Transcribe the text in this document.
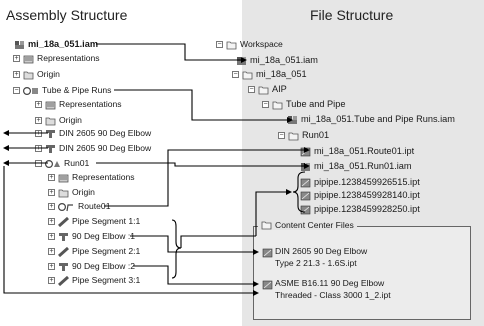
Assembly Structure	File Structure
mi_18a_051.iam
+ Representations
+ Origin
−	Tube & Pipe Runs
+ Representations
+ Origin
+ DIN 2605 90 Deg Elbow
+ DIN 2605 90 Deg Elbow
−	Run01
+ Representations
+ Origin
+	Route01
+ Pipe Segment 1:1
+ 90 Deg Elbow :1
+ Pipe Segment 2:1
+ 90 Deg Elbow :2
+ Pipe Segment 3:1
− Workspace
mi_18a_051.iam
− mi_18a_051
− AIP
− Tube and Pipe
mi_18a_051.Tube and Pipe Runs.iam
− Run01
mi_18a_051.Route01.ipt
mi_18a_051.Run01.iam
pipipe.1238459926515.ipt
pipipe.1238459928140.ipt
pipipe.1238459928250.ipt
Content Center Files
DIN 2605 90 Deg Elbow
Type 2 21.3 - 1.6S.ipt
ASME B16.11 90 Deg Elbow
Threaded - Class 3000 1_2.ipt
